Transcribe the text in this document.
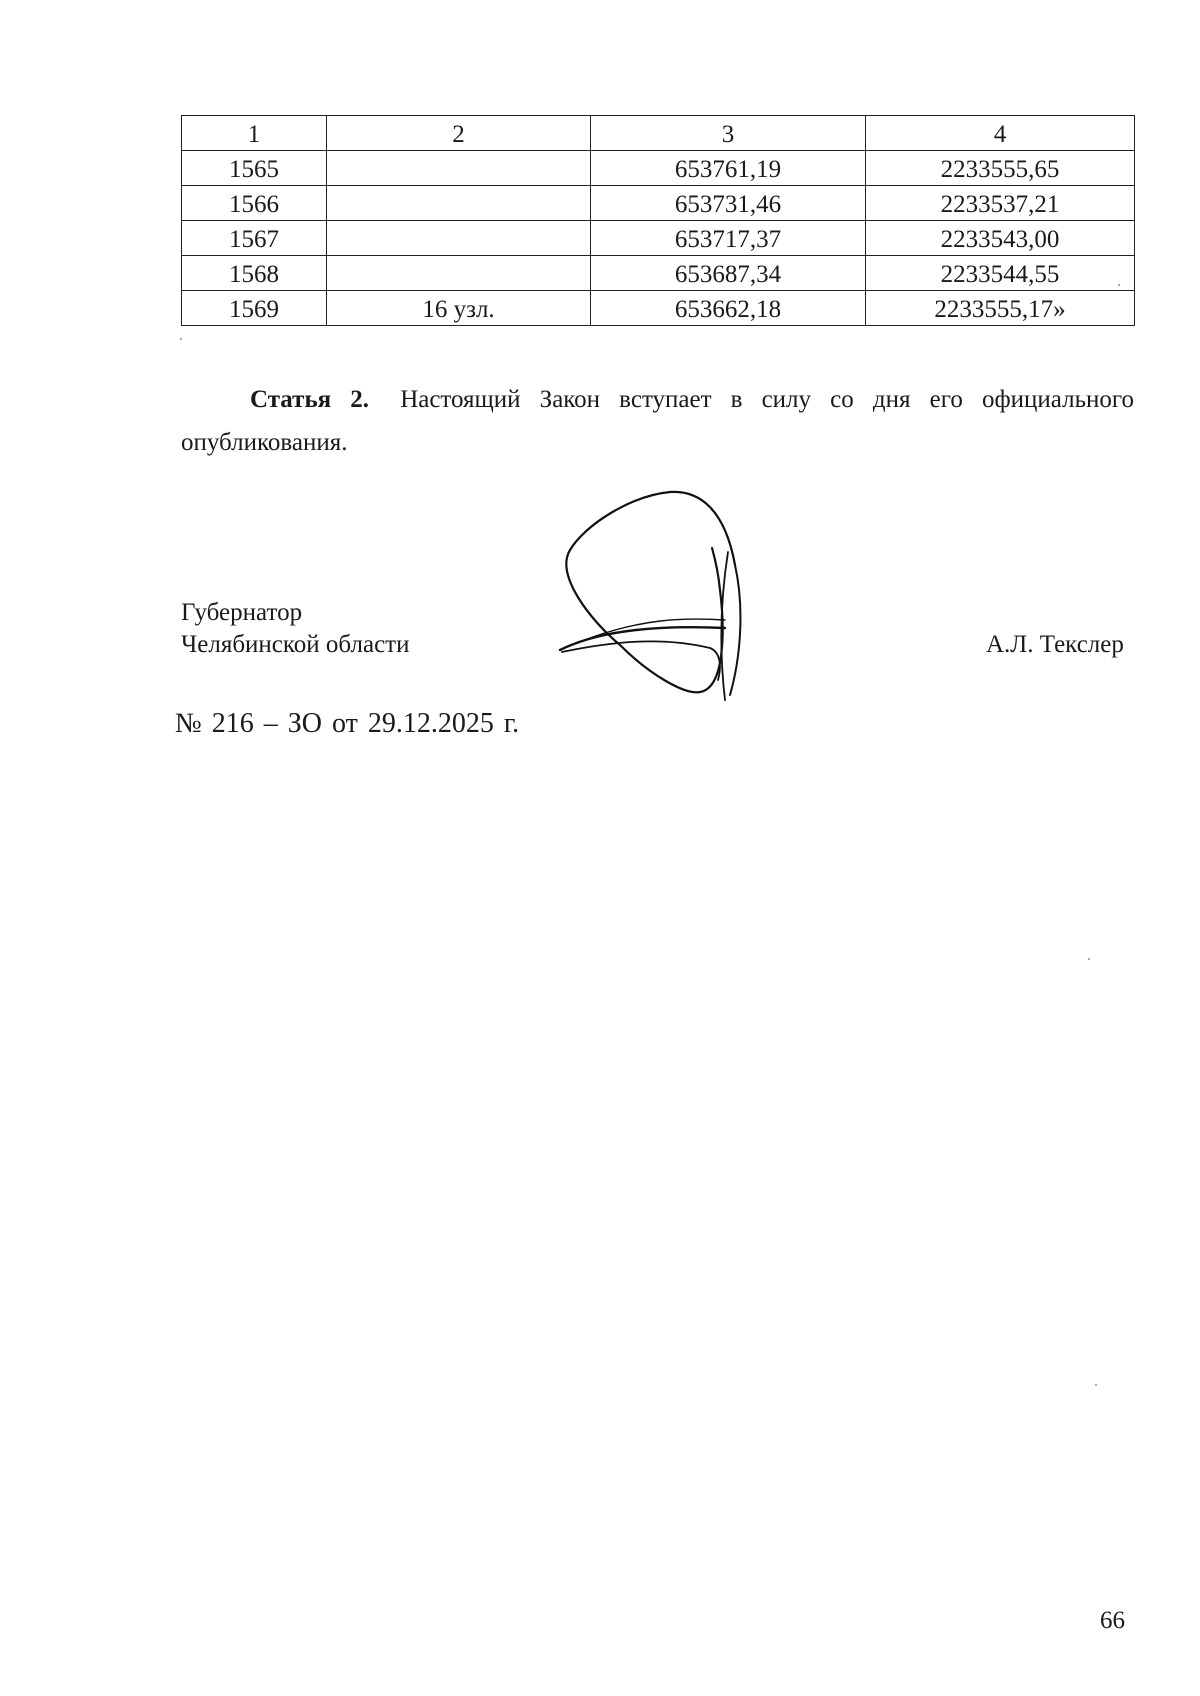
1	2	3	4
1565		653761,19	2233555,65
1566		653731,46	2233537,21
1567		653717,37	2233543,00
1568		653687,34	2233544,55
1569	16 узл.	653662,18	2233555,17»
Статья 2. Настоящий Закон вступает в силу со дня его официального опубликования.
Губернатор
Челябинской области	А.Л. Текслер
№ 216 – ЗО от 29.12.2025 г.
66
